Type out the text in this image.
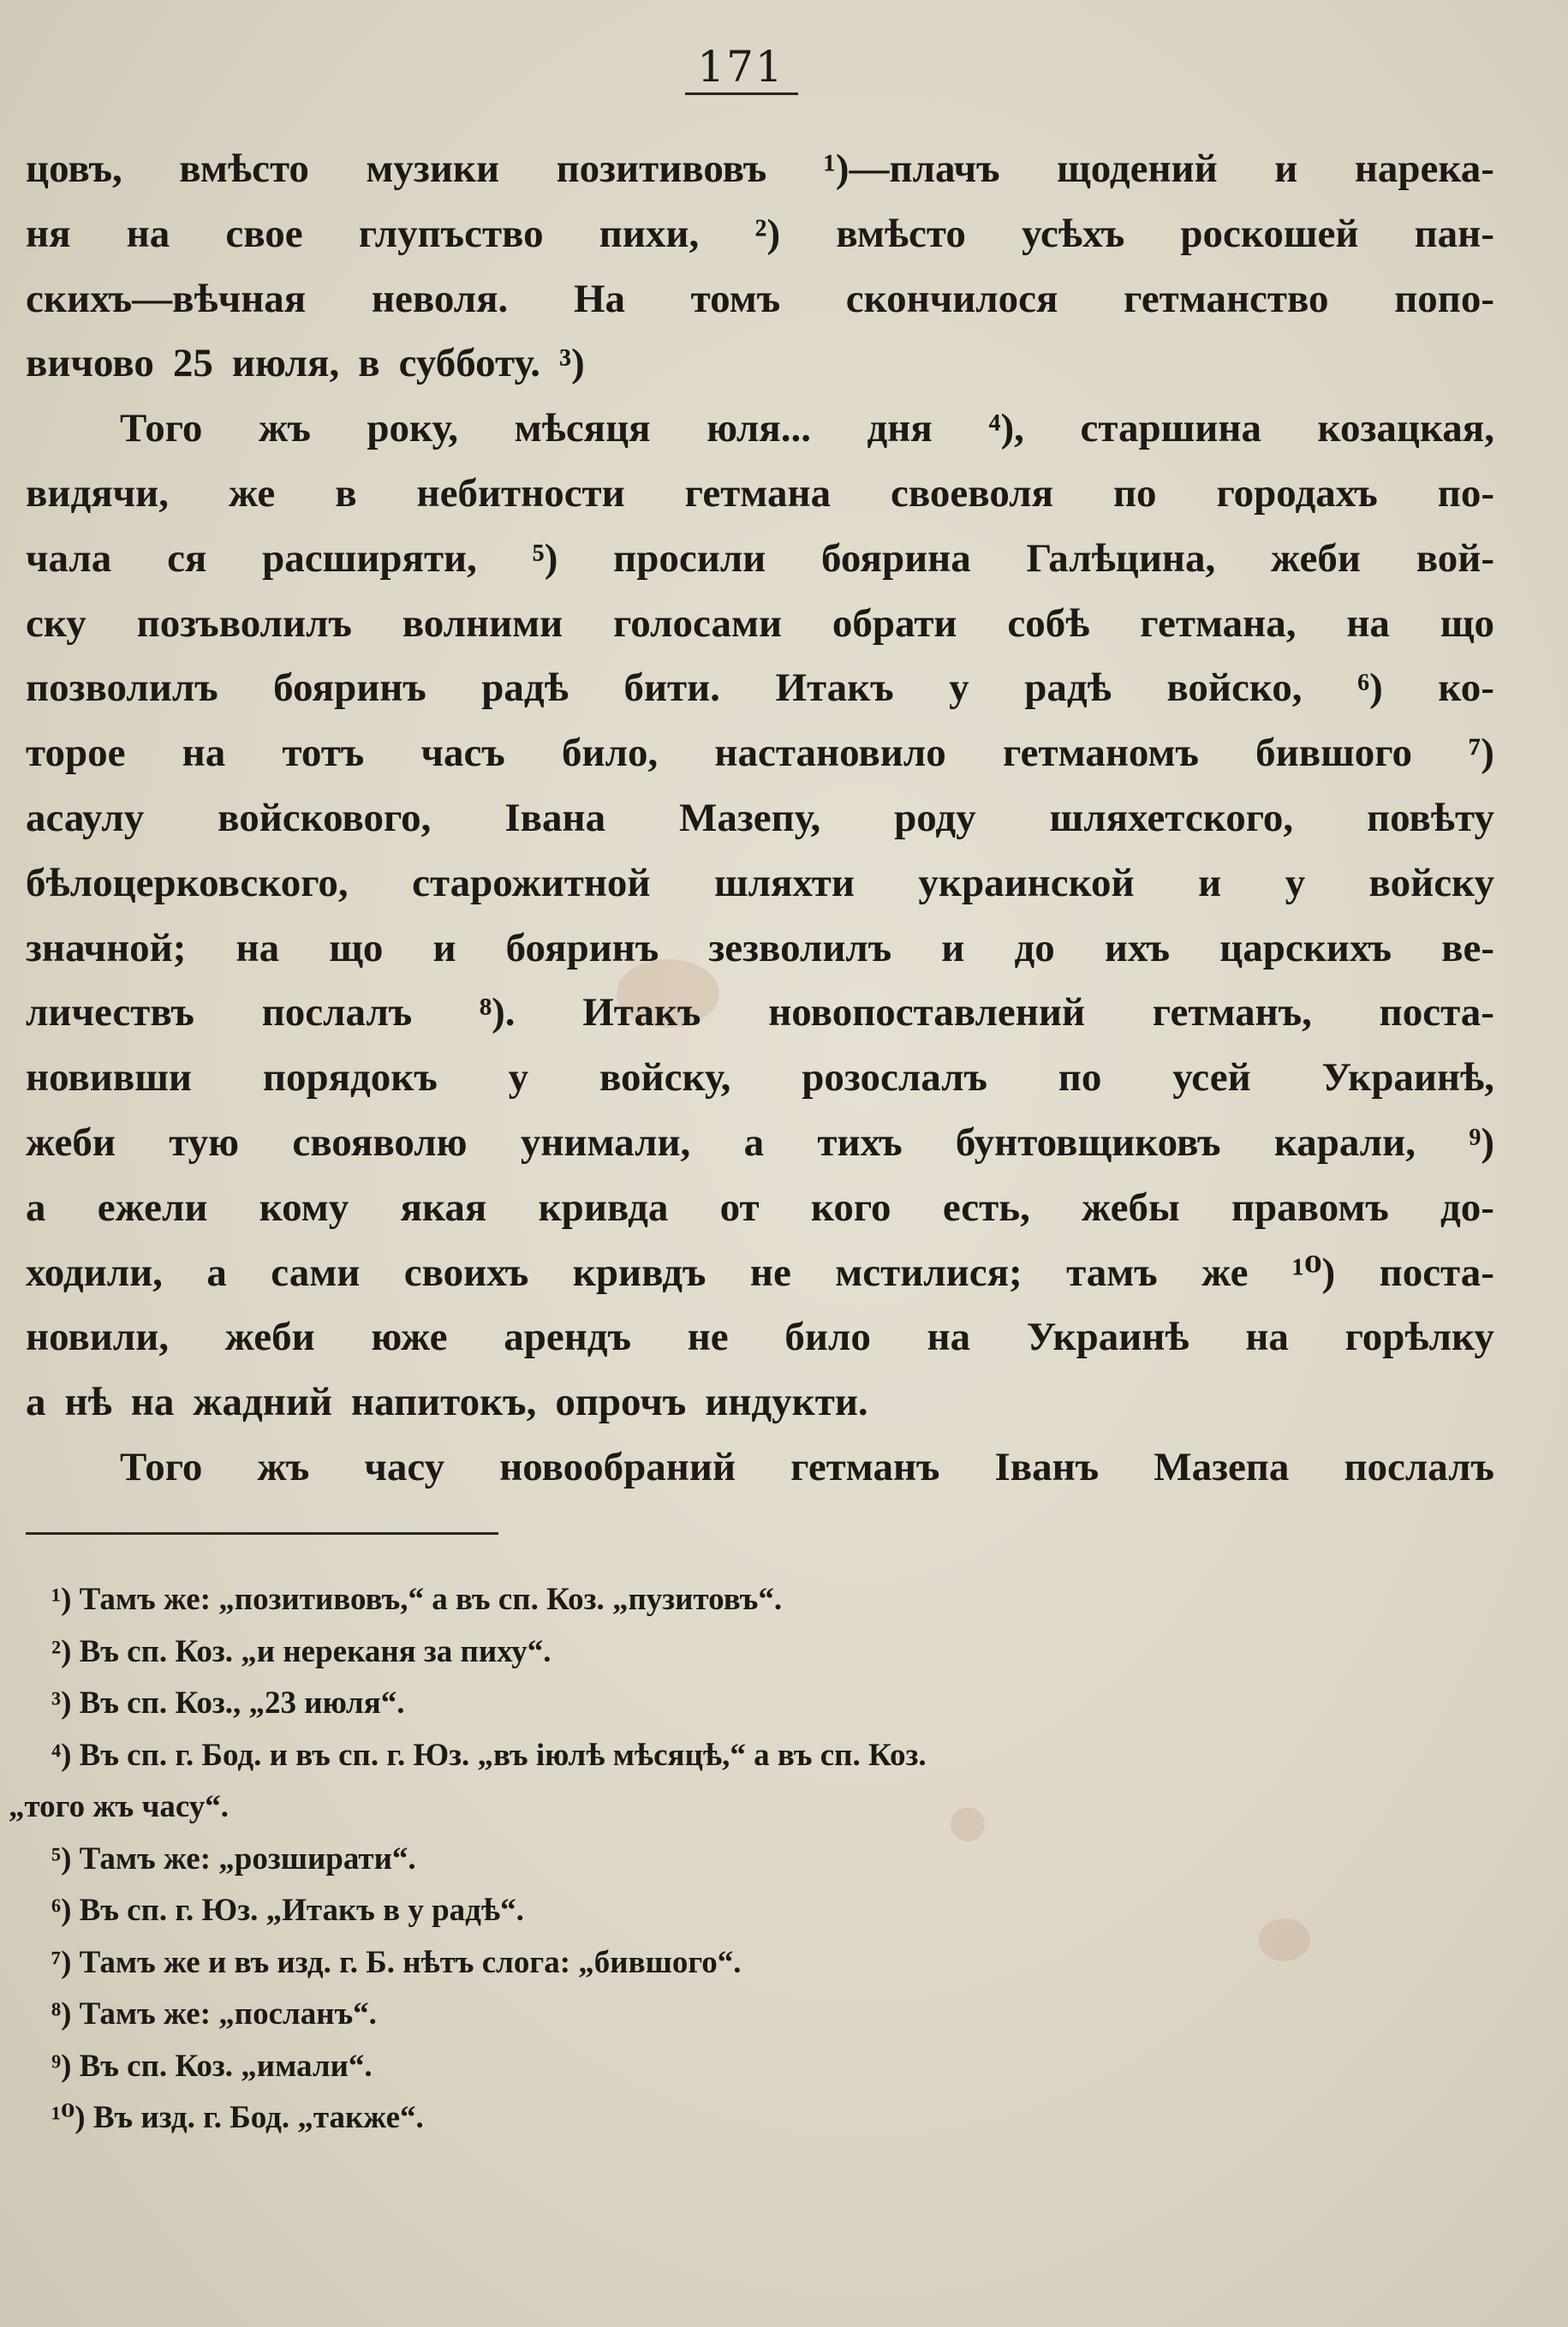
171
цовъ, вмѣсто музики позитивовъ ¹)—плачъ щодений и нарека-
ня на свое глупъство пихи, ²) вмѣсто усѣхъ роскошей пан-
скихъ—вѣчная неволя. На томъ скончилося гетманство попо-
вичово 25 июля, в субботу. ³)
Того жъ року, мѣсяця юля... дня ⁴), старшина козацкая,
видячи, же в небитности гетмана своеволя по городахъ по-
чала ся расширяти, ⁵) просили боярина Галѣцина, жеби вой-
ску позъволилъ волними голосами обрати собѣ гетмана, на що
позволилъ бояринъ радѣ бити. Итакъ у радѣ войско, ⁶) ко-
торое на тотъ часъ било, настановило гетманомъ бившого ⁷)
асаулу войскового, Івана Мазепу, роду шляхетского, повѣту
бѣлоцерковского, старожитной шляхти украинской и у войску
значной; на що и бояринъ зезволилъ и до ихъ царскихъ ве-
личествъ послалъ ⁸). Итакъ новопоставлений гетманъ, поста-
новивши порядокъ у войску, розослалъ по усей Украинѣ,
жеби тую свояволю унимали, а тихъ бунтовщиковъ карали, ⁹)
а ежели кому якая кривда от кого есть, жебы правомъ до-
ходили, а сами своихъ кривдъ не мстилися; тамъ же ¹⁰) поста-
новили, жеби юже арендъ не било на Украинѣ на горѣлку
а нѣ на жадний напитокъ, опрочъ индукти.
Того жъ часу новообраний гетманъ Іванъ Мазепа послалъ
¹) Тамъ же: „позитивовъ,“ а въ сп. Коз. „пузитовъ“.
²) Въ сп. Коз. „и нереканя за пиху“.
³) Въ сп. Коз., „23 июля“.
⁴) Въ сп. г. Бод. и въ сп. г. Юз. „въ іюлѣ мѣсяцѣ,“ а въ сп. Коз.
„того жъ часу“.
⁵) Тамъ же: „розширати“.
⁶) Въ сп. г. Юз. „Итакъ в у радѣ“.
⁷) Тамъ же и въ изд. г. Б. нѣтъ слога: „бившого“.
⁸) Тамъ же: „посланъ“.
⁹) Въ сп. Коз. „имали“.
¹⁰) Въ изд. г. Бод. „также“.
